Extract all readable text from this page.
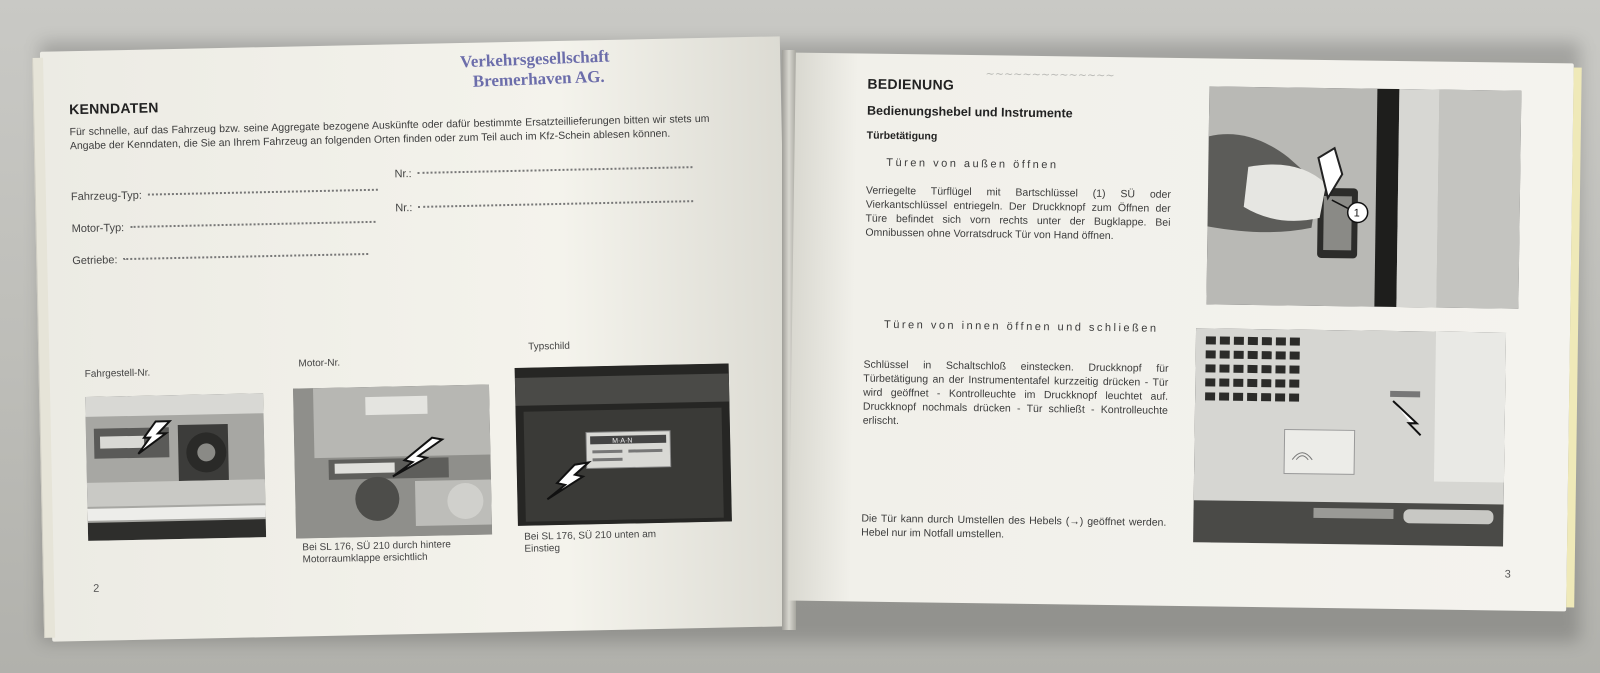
Verkehrsgesellschaft
Bremerhaven AG.
KENNDATEN

Für schnelle, auf das Fahrzeug bzw. seine Aggregate bezogene Auskünfte oder dafür bestimmte Ersatzteillieferungen bitten wir stets um Angabe der Kenndaten, die Sie an Ihrem Fahrzeug an folgenden Orten finden oder zum Teil auch im Kfz-Schein ablesen können.

Fahrzeug-Typ:
Nr.:
Motor-Typ:
Nr.:
Getriebe:

Fahrgestell-Nr.

Motor-Nr.

Bei SL 176, SÜ 210 durch hintere Motorraumklappe ersichtlich

Typschild

M·A·N

Bei SL 176, SÜ 210 unten am Einstieg

2
~~~~~~~~~~~~~~
BEDIENUNG
Bedienungshebel und Instrumente
Türbetätigung

Türen von außen öffnen

Verriegelte Türflügel mit Bartschlüssel (1) SÜ oder Vierkantschlüssel entriegeln. Der Druckknopf zum Öffnen der Türe befindet sich vorn rechts unter der Bugklappe. Bei Omnibussen ohne Vorratsdruck Tür von Hand öffnen.

Türen von innen öffnen und schließen

Schlüssel in Schaltschloß einstecken. Druckknopf für Türbetätigung an der Instrumententafel kurzzeitig drücken - Tür wird geöffnet - Kontrolleuchte im Druckknopf leuchtet auf. Druckknopf nochmals drücken - Tür schließt - Kontrolleuchte erlischt.

Die Tür kann durch Umstellen des Hebels (→) geöffnet werden. Hebel nur im Notfall umstellen.

1
3
